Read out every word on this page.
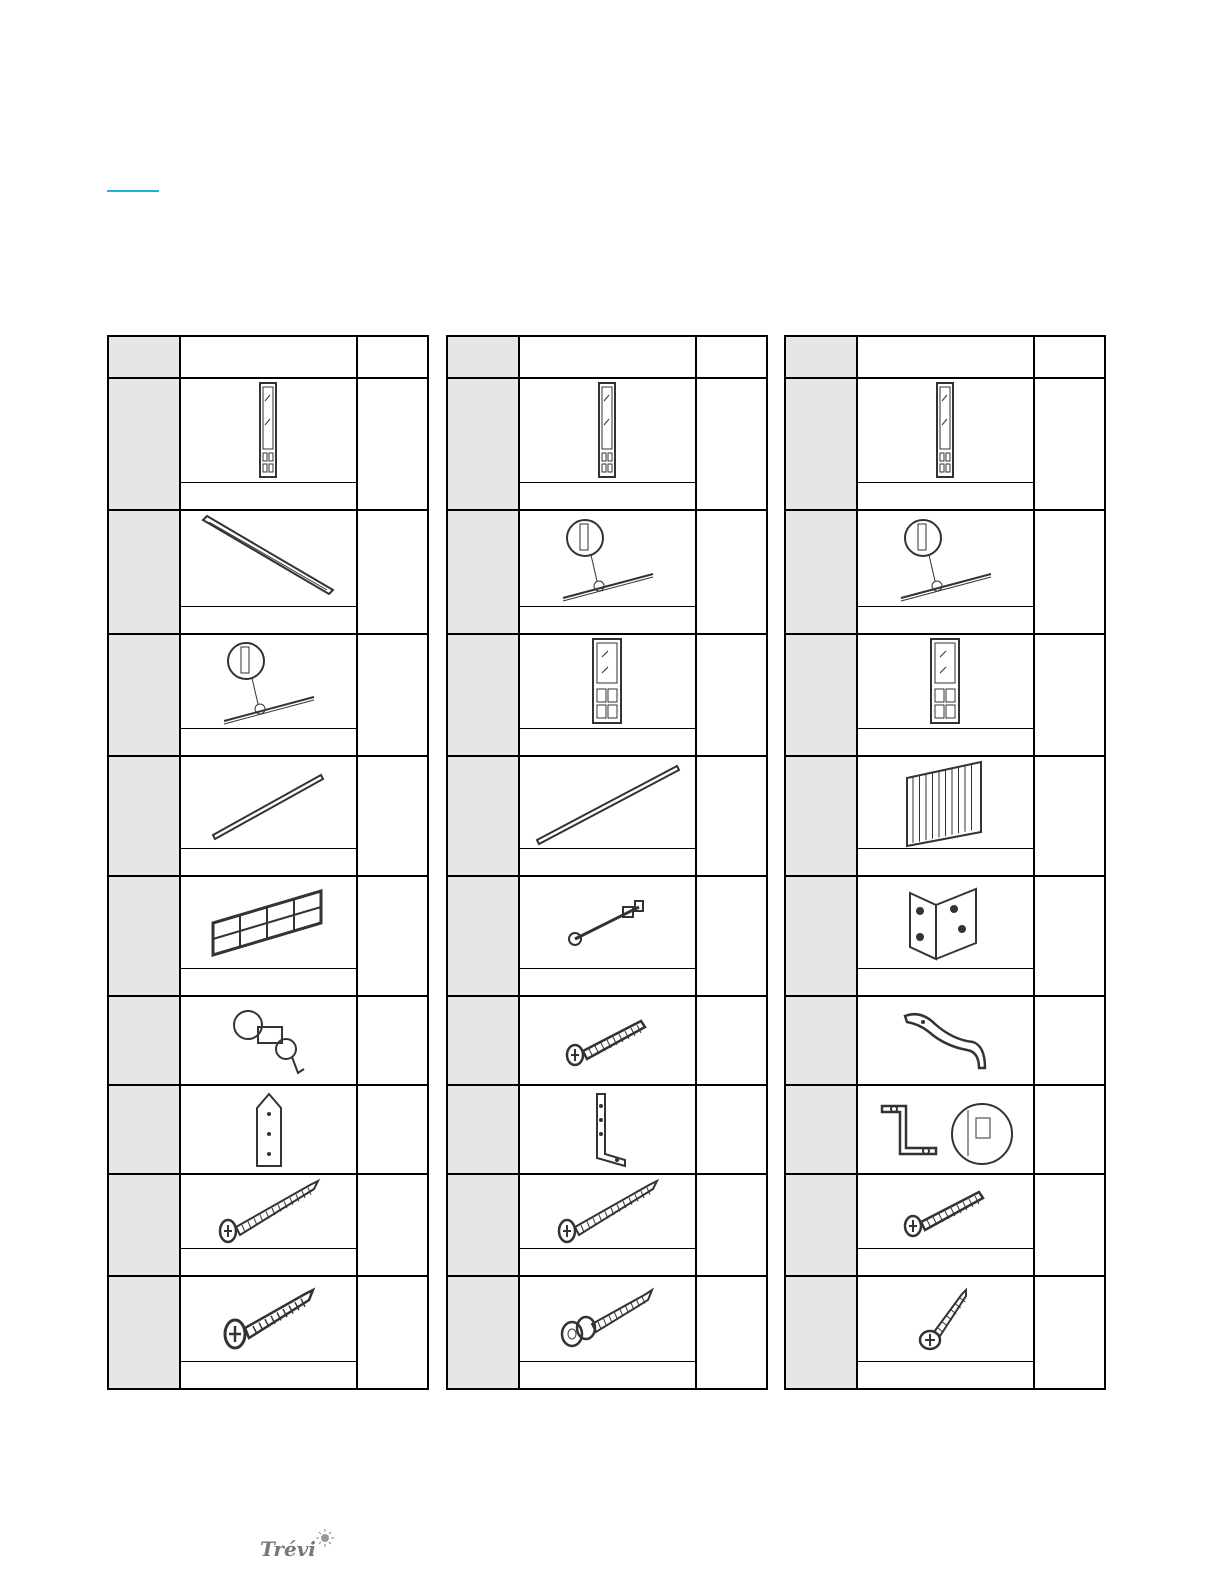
Trévi
